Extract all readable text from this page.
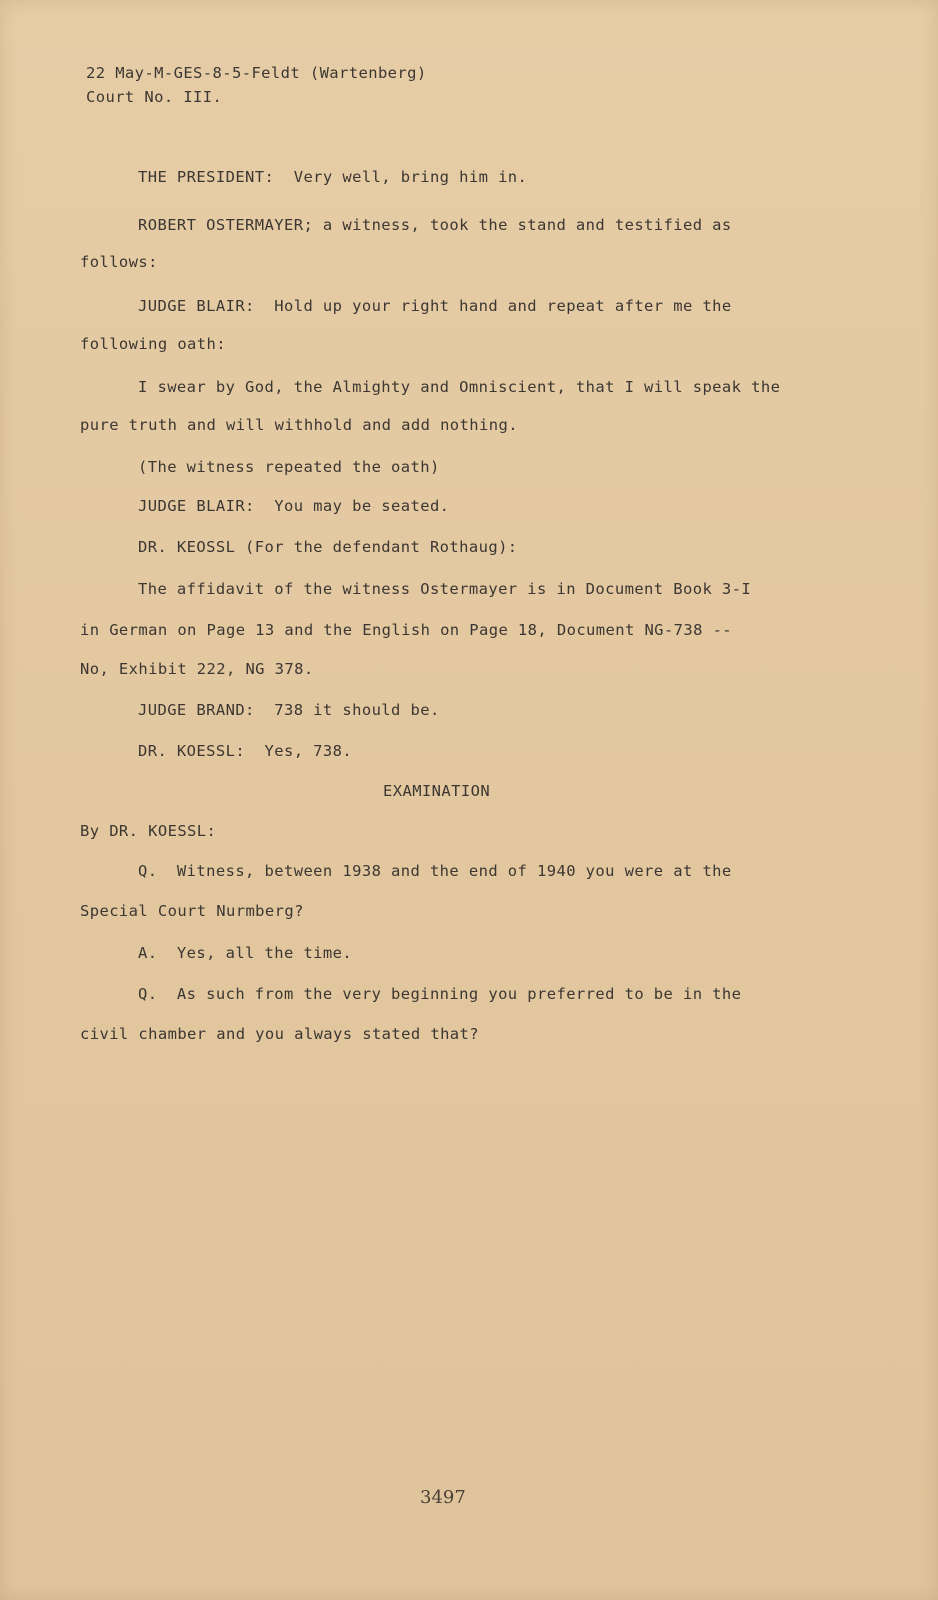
22 May-M-GES-8-5-Feldt (Wartenberg)
Court No. III.
THE PRESIDENT:  Very well, bring him in.
ROBERT OSTERMAYER; a witness, took the stand and testified as
follows:
JUDGE BLAIR:  Hold up your right hand and repeat after me the
following oath:
I swear by God, the Almighty and Omniscient, that I will speak the
pure truth and will withhold and add nothing.
(The witness repeated the oath)
JUDGE BLAIR:  You may be seated.
DR. KEOSSL (For the defendant Rothaug):
The affidavit of the witness Ostermayer is in Document Book 3-I
in German on Page 13 and the English on Page 18, Document NG-738 --
No, Exhibit 222, NG 378.
JUDGE BRAND:  738 it should be.
DR. KOESSL:  Yes, 738.
EXAMINATION
By DR. KOESSL:
Q.  Witness, between 1938 and the end of 1940 you were at the
Special Court Nurmberg?
A.  Yes, all the time.
Q.  As such from the very beginning you preferred to be in the
civil chamber and you always stated that?
3497
